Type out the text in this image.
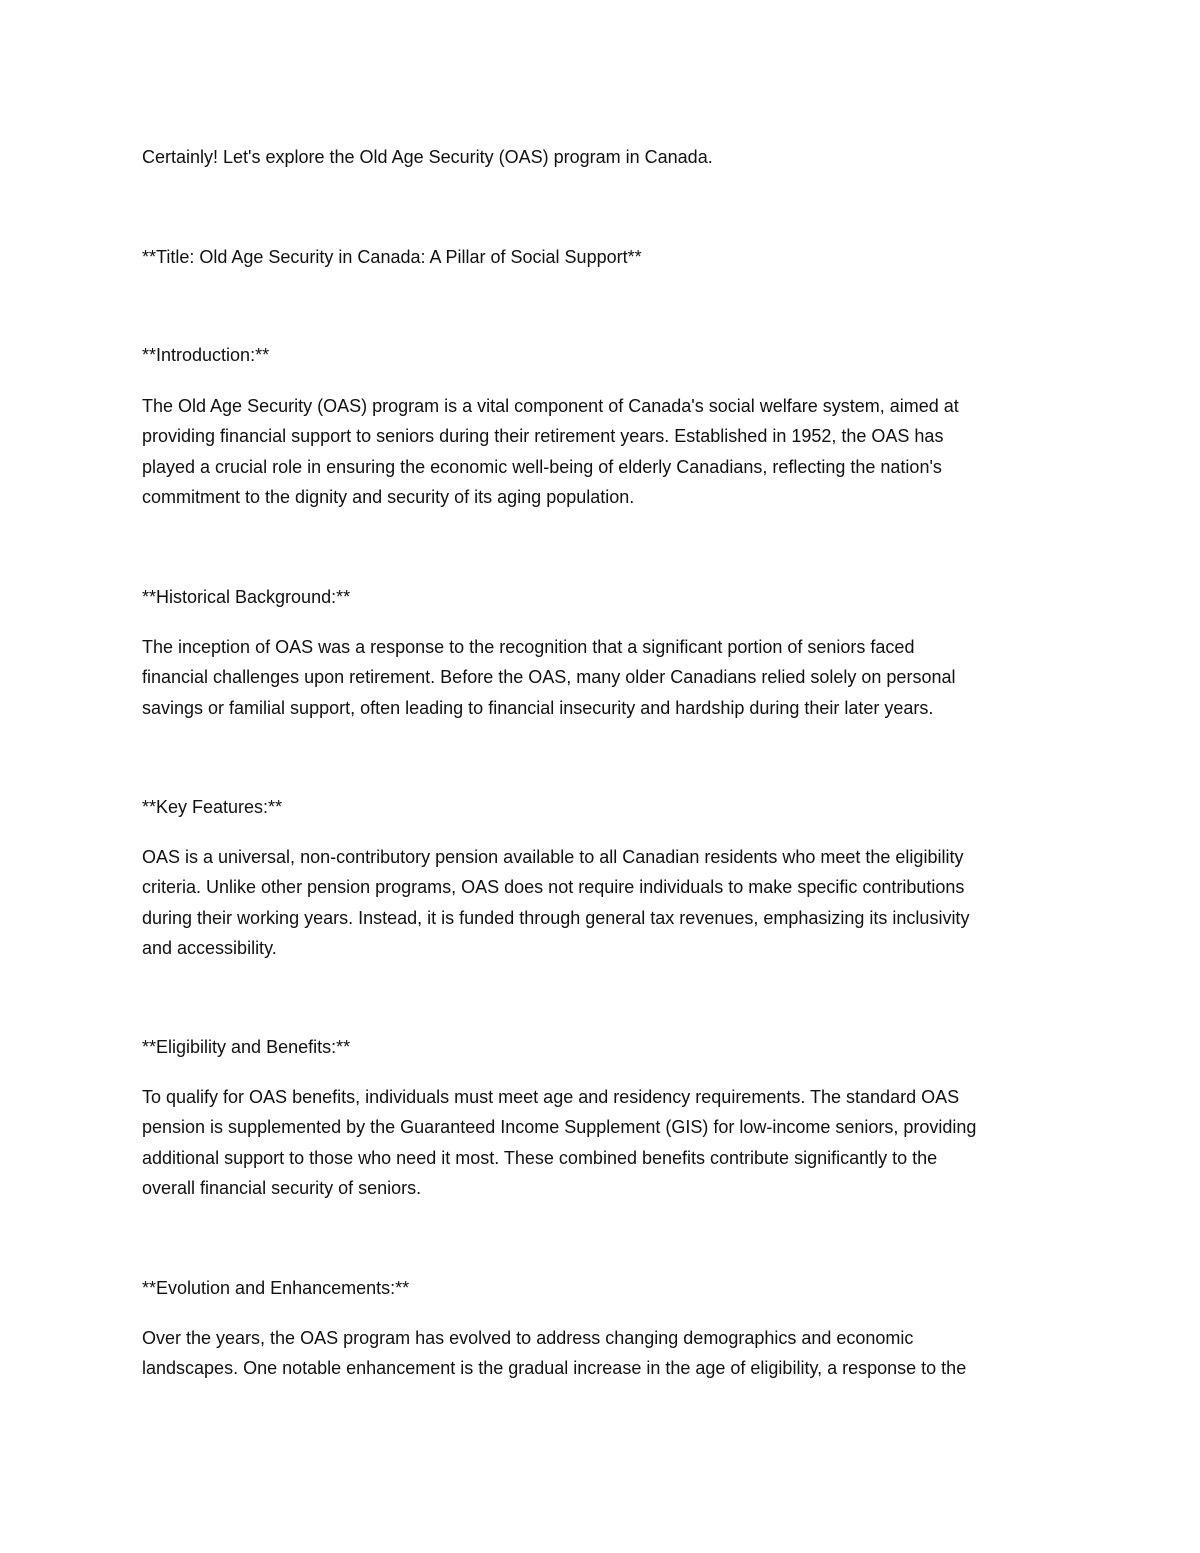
Certainly! Let's explore the Old Age Security (OAS) program in Canada.

**Title: Old Age Security in Canada: A Pillar of Social Support**

**Introduction:**

The Old Age Security (OAS) program is a vital component of Canada's social welfare system, aimed at
providing financial support to seniors during their retirement years. Established in 1952, the OAS has
played a crucial role in ensuring the economic well-being of elderly Canadians, reflecting the nation's
commitment to the dignity and security of its aging population.

**Historical Background:**

The inception of OAS was a response to the recognition that a significant portion of seniors faced
financial challenges upon retirement. Before the OAS, many older Canadians relied solely on personal
savings or familial support, often leading to financial insecurity and hardship during their later years.

**Key Features:**

OAS is a universal, non-contributory pension available to all Canadian residents who meet the eligibility
criteria. Unlike other pension programs, OAS does not require individuals to make specific contributions
during their working years. Instead, it is funded through general tax revenues, emphasizing its inclusivity
and accessibility.

**Eligibility and Benefits:**

To qualify for OAS benefits, individuals must meet age and residency requirements. The standard OAS
pension is supplemented by the Guaranteed Income Supplement (GIS) for low-income seniors, providing
additional support to those who need it most. These combined benefits contribute significantly to the
overall financial security of seniors.

**Evolution and Enhancements:**

Over the years, the OAS program has evolved to address changing demographics and economic
landscapes. One notable enhancement is the gradual increase in the age of eligibility, a response to the
